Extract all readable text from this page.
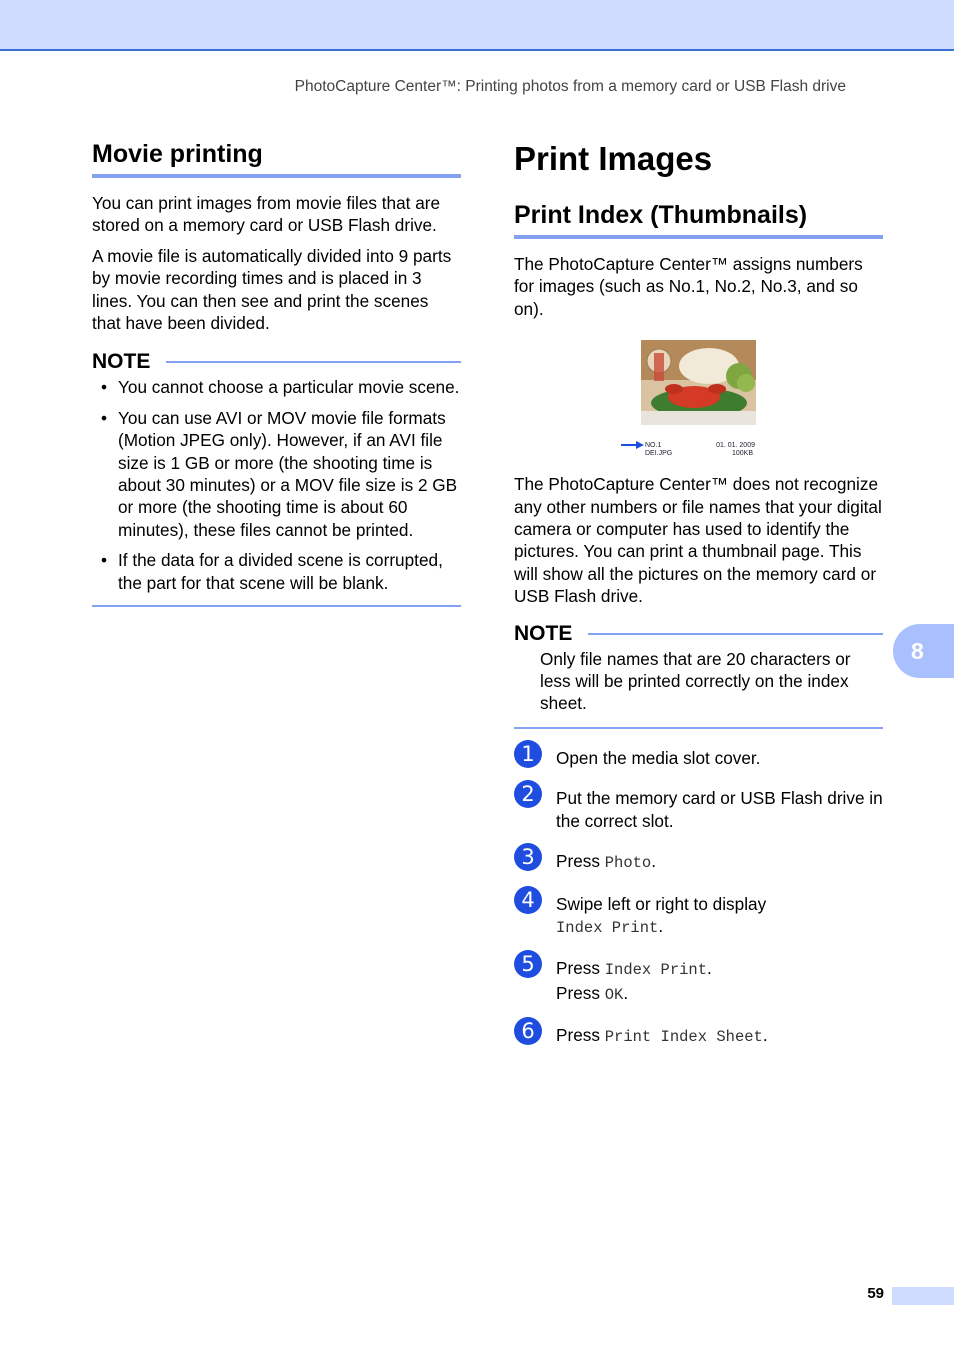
PhotoCapture Center™: Printing photos from a memory card or USB Flash drive
Movie printing

You can print images from movie files that are stored on a memory card or USB Flash drive.

A movie file is automatically divided into 9 parts by movie recording times and is placed in 3 lines. You can then see and print the scenes that have been divided.

NOTE
• You cannot choose a particular movie scene.
• You can use AVI or MOV movie file formats (Motion JPEG only). However, if an AVI file size is 1 GB or more (the shooting time is about 30 minutes) or a MOV file size is 2 GB or more (the shooting time is about 60 minutes), these files cannot be printed.
• If the data for a divided scene is corrupted, the part for that scene will be blank.
Print Images
Print Index (Thumbnails)

The PhotoCapture Center™ assigns numbers for images (such as No.1, No.2, No.3, and so on).

NO.1
DEI.JPG
01. 01. 2009
100KB

The PhotoCapture Center™ does not recognize any other numbers or file names that your digital camera or computer has used to identify the pictures. You can print a thumbnail page. This will show all the pictures on the memory card or USB Flash drive.

NOTE

Only file names that are 20 characters or less will be printed correctly on the index sheet.

1	Open the media slot cover.
2	Put the memory card or USB Flash drive in the correct slot.
3	Press Photo.
4	Swipe left or right to display
Index Print.
5	Press Index Print.
Press OK.
6	Press Print Index Sheet.
8
59
